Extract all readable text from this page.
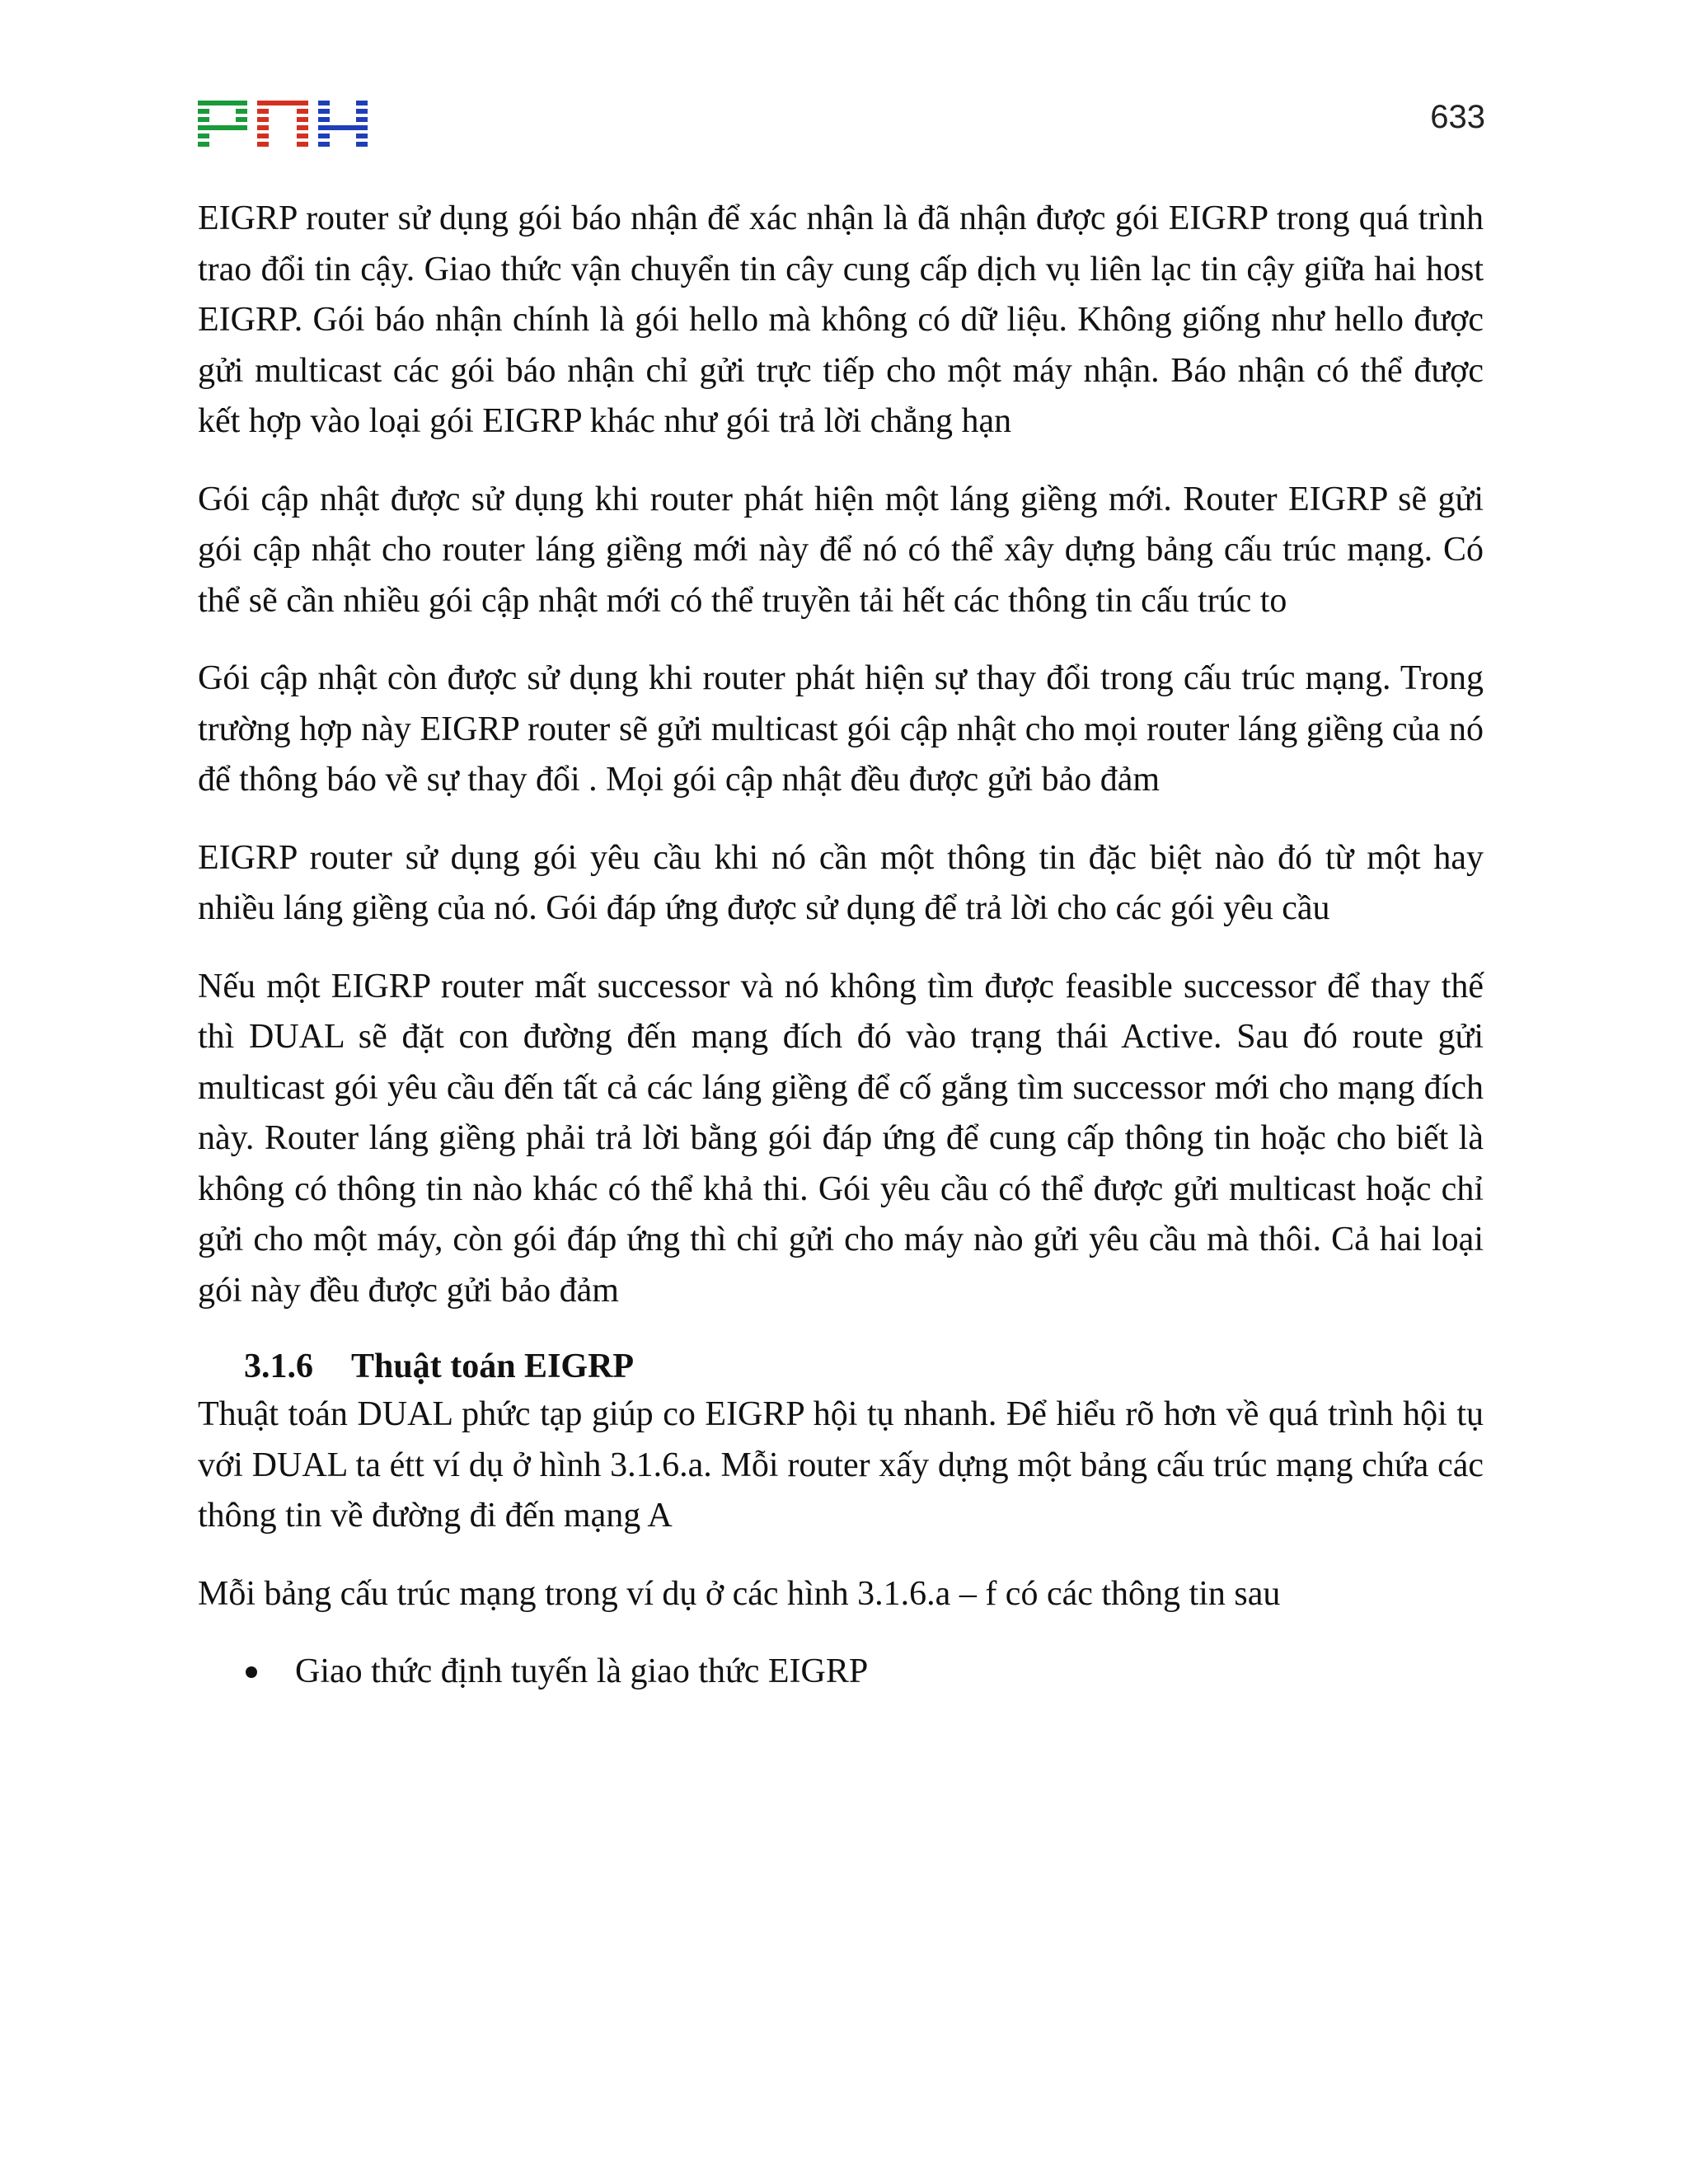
633

EIGRP router sử dụng gói báo nhận để xác nhận là đã nhận được gói EIGRP trong quá trình trao đổi tin cậy. Giao thức vận chuyển tin cây cung cấp dịch vụ liên lạc tin cậy giữa hai host EIGRP. Gói báo nhận chính là gói hello mà không có dữ liệu. Không giống như hello được gửi multicast các gói báo nhận chỉ gửi trực tiếp cho một máy nhận. Báo nhận có thể được kết hợp vào loại gói EIGRP khác như gói trả lời chẳng hạn

Gói cập nhật được sử dụng khi router phát hiện một láng giềng mới. Router EIGRP sẽ gửi gói cập nhật cho router láng giềng mới này để nó có thể xây dựng bảng cấu trúc mạng. Có thể sẽ cần nhiều gói cập nhật mới có thể truyền tải hết các thông tin cấu trúc to

Gói cập nhật còn được sử dụng khi router phát hiện sự thay đổi trong cấu trúc mạng. Trong trường hợp này EIGRP router sẽ gửi multicast gói cập nhật cho mọi router láng giềng của nó để thông báo về sự thay đổi . Mọi gói cập nhật đều được gửi bảo đảm

EIGRP router sử dụng gói yêu cầu khi nó cần một thông tin đặc biệt nào đó từ một hay nhiều láng giềng của nó. Gói đáp ứng được sử dụng để trả lời cho các gói yêu cầu

Nếu một EIGRP router mất successor và nó không tìm được feasible successor để thay thế thì DUAL sẽ đặt con đường đến mạng đích đó vào trạng thái Active. Sau đó route gửi multicast gói yêu cầu đến tất cả các láng giềng để cố gắng tìm successor mới cho mạng đích này. Router láng giềng phải trả lời bằng gói đáp ứng để cung cấp thông tin hoặc cho biết là không có thông tin nào khác có thể khả thi. Gói yêu cầu có thể được gửi multicast hoặc chỉ gửi cho một máy, còn gói đáp ứng thì chỉ gửi cho máy nào gửi yêu cầu mà thôi. Cả hai loại gói này đều được gửi bảo đảm

3.1.6 Thuật toán EIGRP

Thuật toán DUAL phức tạp giúp co EIGRP hội tụ nhanh. Để hiểu rõ hơn về quá trình hội tụ với DUAL ta étt ví dụ ở hình 3.1.6.a. Mỗi router xấy dựng một bảng cấu trúc mạng chứa các thông tin về đường đi đến mạng A

Mỗi bảng cấu trúc mạng trong ví dụ ở các hình 3.1.6.a – f có các thông tin sau

Giao thức định tuyến là giao thức EIGRP
